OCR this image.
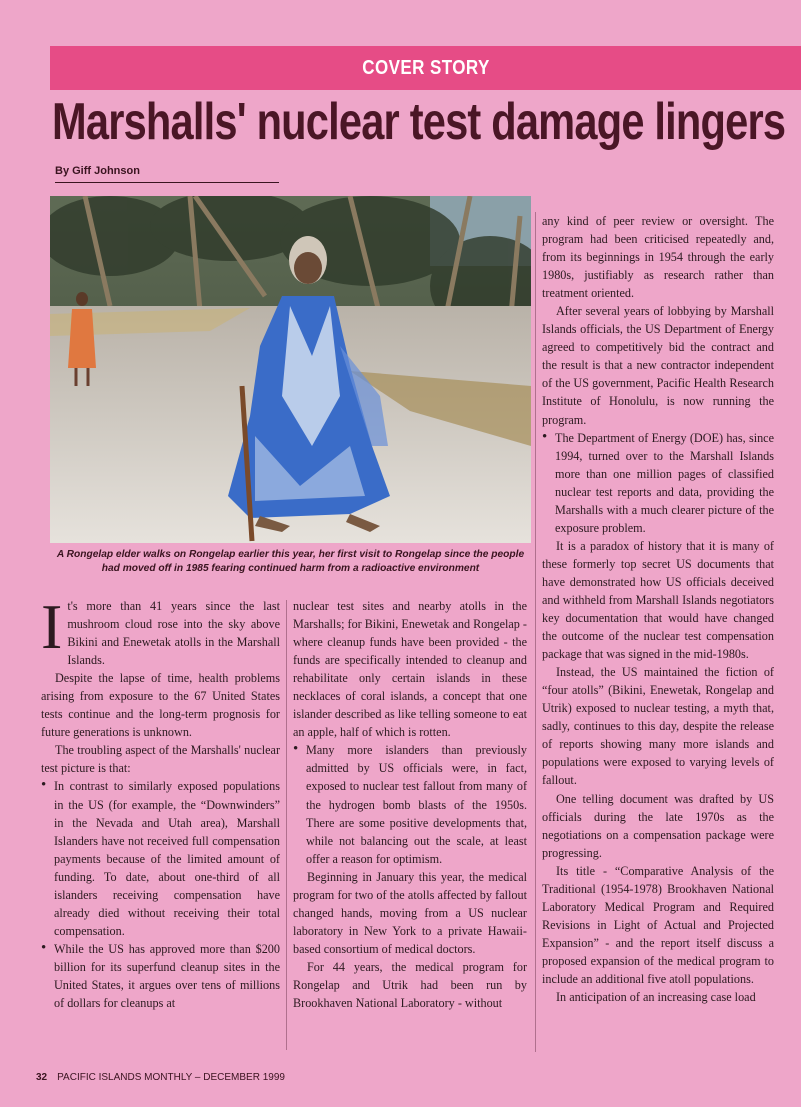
COVER STORY
Marshalls' nuclear test damage lingers
By Giff Johnson
A Rongelap elder walks on Rongelap earlier this year, her first visit to Rongelap since the people had moved off in 1985 fearing continued harm from a radioactive environment

It's more than 41 years since the last mushroom cloud rose into the sky above Bikini and Enewetak atolls in the Marshall Islands.

Despite the lapse of time, health problems arising from exposure to the 67 United States tests continue and the long-term prognosis for future generations is unknown.

The troubling aspect of the Marshalls' nuclear test picture is that:

• In contrast to similarly exposed populations in the US (for example, the “Downwinders” in the Nevada and Utah area), Marshall Islanders have not received full compensation payments because of the limited amount of funding. To date, about one-third of all islanders receiving compensation have already died without receiving their total compensation.

• While the US has approved more than $200 billion for its superfund cleanup sites in the United States, it argues over tens of millions of dollars for cleanups at

nuclear test sites and nearby atolls in the Marshalls; for Bikini, Enewetak and Rongelap - where cleanup funds have been provided - the funds are specifically intended to cleanup and rehabilitate only certain islands in these necklaces of coral islands, a concept that one islander described as like telling someone to eat an apple, half of which is rotten.

• Many more islanders than previously admitted by US officials were, in fact, exposed to nuclear test fallout from many of the hydrogen bomb blasts of the 1950s. There are some positive developments that, while not balancing out the scale, at least offer a reason for optimism.

Beginning in January this year, the medical program for two of the atolls affected by fallout changed hands, moving from a US nuclear laboratory in New York to a private Hawaii-based consortium of medical doctors.

For 44 years, the medical program for Rongelap and Utrik had been run by Brookhaven National Laboratory - without

any kind of peer review or oversight. The program had been criticised repeatedly and, from its beginnings in 1954 through the early 1980s, justifiably as research rather than treatment oriented.

After several years of lobbying by Marshall Islands officials, the US Department of Energy agreed to competitively bid the contract and the result is that a new contractor independent of the US government, Pacific Health Research Institute of Honolulu, is now running the program.

• The Department of Energy (DOE) has, since 1994, turned over to the Marshall Islands more than one million pages of classified nuclear test reports and data, providing the Marshalls with a much clearer picture of the exposure problem.

It is a paradox of history that it is many of these formerly top secret US documents that have demonstrated how US officials deceived and withheld from Marshall Islands negotiators key documentation that would have changed the outcome of the nuclear test compensation package that was signed in the mid-1980s.

Instead, the US maintained the fiction of “four atolls” (Bikini, Enewetak, Rongelap and Utrik) exposed to nuclear testing, a myth that, sadly, continues to this day, despite the release of reports showing many more islands and populations were exposed to varying levels of fallout.

One telling document was drafted by US officials during the late 1970s as the negotiations on a compensation package were progressing.

Its title - “Comparative Analysis of the Traditional (1954-1978) Brookhaven National Laboratory Medical Program and Required Revisions in Light of Actual and Projected Expansion” - and the report itself discuss a proposed expansion of the medical program to include an additional five atoll populations.

In anticipation of an increasing case load

32 PACIFIC ISLANDS MONTHLY – DECEMBER 1999
